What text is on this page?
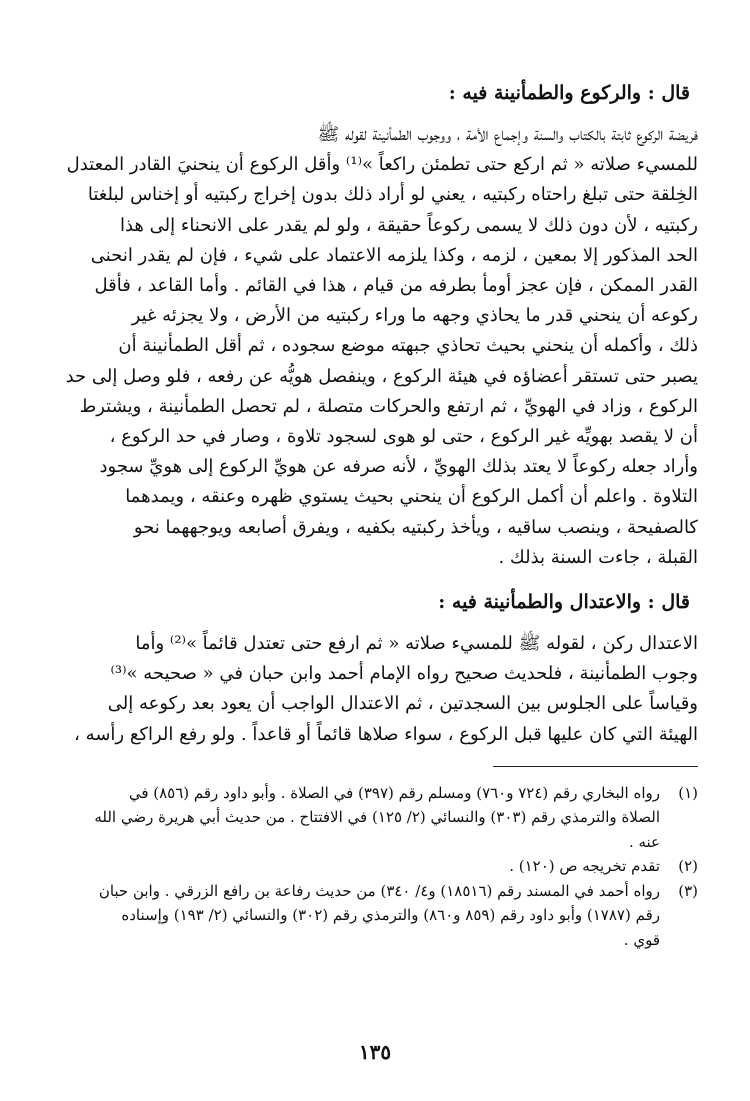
قال : والركوع والطمأنينة فيه :
فريضة الركوع ثابتة بالكتاب والسنة وإجماع الأمة ، ووجوب الطمأنينة لقوله ﷺ
للمسيء صلاته « ثم اركع حتى تطمئن راكعاً »⁽¹⁾ وأقل الركوع أن ينحنيَ القادر المعتدل
الخِلقة حتى تبلغ راحتاه ركبتيه ، يعني لو أراد ذلك بدون إخراج ركبتيه أو إخناس لبلغتا
ركبتيه ، لأن دون ذلك لا يسمى ركوعاً حقيقة ، ولو لم يقدر على الانحناء إلى هذا
الحد المذكور إلا بمعين ، لزمه ، وكذا يلزمه الاعتماد على شيء ، فإن لم يقدر انحنى
القدر الممكن ، فإن عجز أومأ بطرفه من قيام ، هذا في القائم . وأما القاعد ، فأقل
ركوعه أن ينحني قدر ما يحاذي وجهه ما وراء ركبتيه من الأرض ، ولا يجزئه غير
ذلك ، وأكمله أن ينحني بحيث تحاذي جبهته موضع سجوده ، ثم أقل الطمأنينة أن
يصبر حتى تستقر أعضاؤه في هيئة الركوع ، وينفصل هويُّه عن رفعه ، فلو وصل إلى حد
الركوع ، وزاد في الهويِّ ، ثم ارتفع والحركات متصلة ، لم تحصل الطمأنينة ، ويشترط
أن لا يقصد بهويِّه غير الركوع ، حتى لو هوى لسجود تلاوة ، وصار في حد الركوع ،
وأراد جعله ركوعاً لا يعتد بذلك الهويِّ ، لأنه صرفه عن هويِّ الركوع إلى هويِّ سجود
التلاوة . واعلم أن أكمل الركوع أن ينحني بحيث يستوي ظهره وعنقه ، ويمدهما
كالصفيحة ، وينصب ساقيه ، ويأخذ ركبتيه بكفيه ، ويفرق أصابعه ويوجههما نحو
القبلة ، جاءت السنة بذلك .
قال : والاعتدال والطمأنينة فيه :
الاعتدال ركن ، لقوله ﷺ للمسيء صلاته « ثم ارفع حتى تعتدل قائماً »⁽²⁾ وأما
وجوب الطمأنينة ، فلحديث صحيح رواه الإمام أحمد وابن حبان في « صحيحه »⁽³⁾
وقياساً على الجلوس بين السجدتين ، ثم الاعتدال الواجب أن يعود بعد ركوعه إلى
الهيئة التي كان عليها قبل الركوع ، سواء صلاها قائماً أو قاعداً . ولو رفع الراكع رأسه ،
(١)
رواه البخاري رقم (٧٢٤ و٧٦٠) ومسلم رقم (٣٩٧) في الصلاة . وأبو داود رقم (٨٥٦) في
الصلاة والترمذي رقم (٣٠٣) والنسائي (٢/ ١٢٥) في الافتتاح . من حديث أبي هريرة رضي الله
عنه .
(٢)
تقدم تخريجه ص (١٢٠) .
(٣)
رواه أحمد في المسند رقم (١٨٥١٦) و٤/ ٣٤٠) من حديث رفاعة بن رافع الزرقي . وابن حبان
رقم (١٧٨٧) وأبو داود رقم (٨٥٩ و٨٦٠) والترمذي رقم (٣٠٢) والنسائي (٢/ ١٩٣) وإسناده
قوي .
١٣٥
